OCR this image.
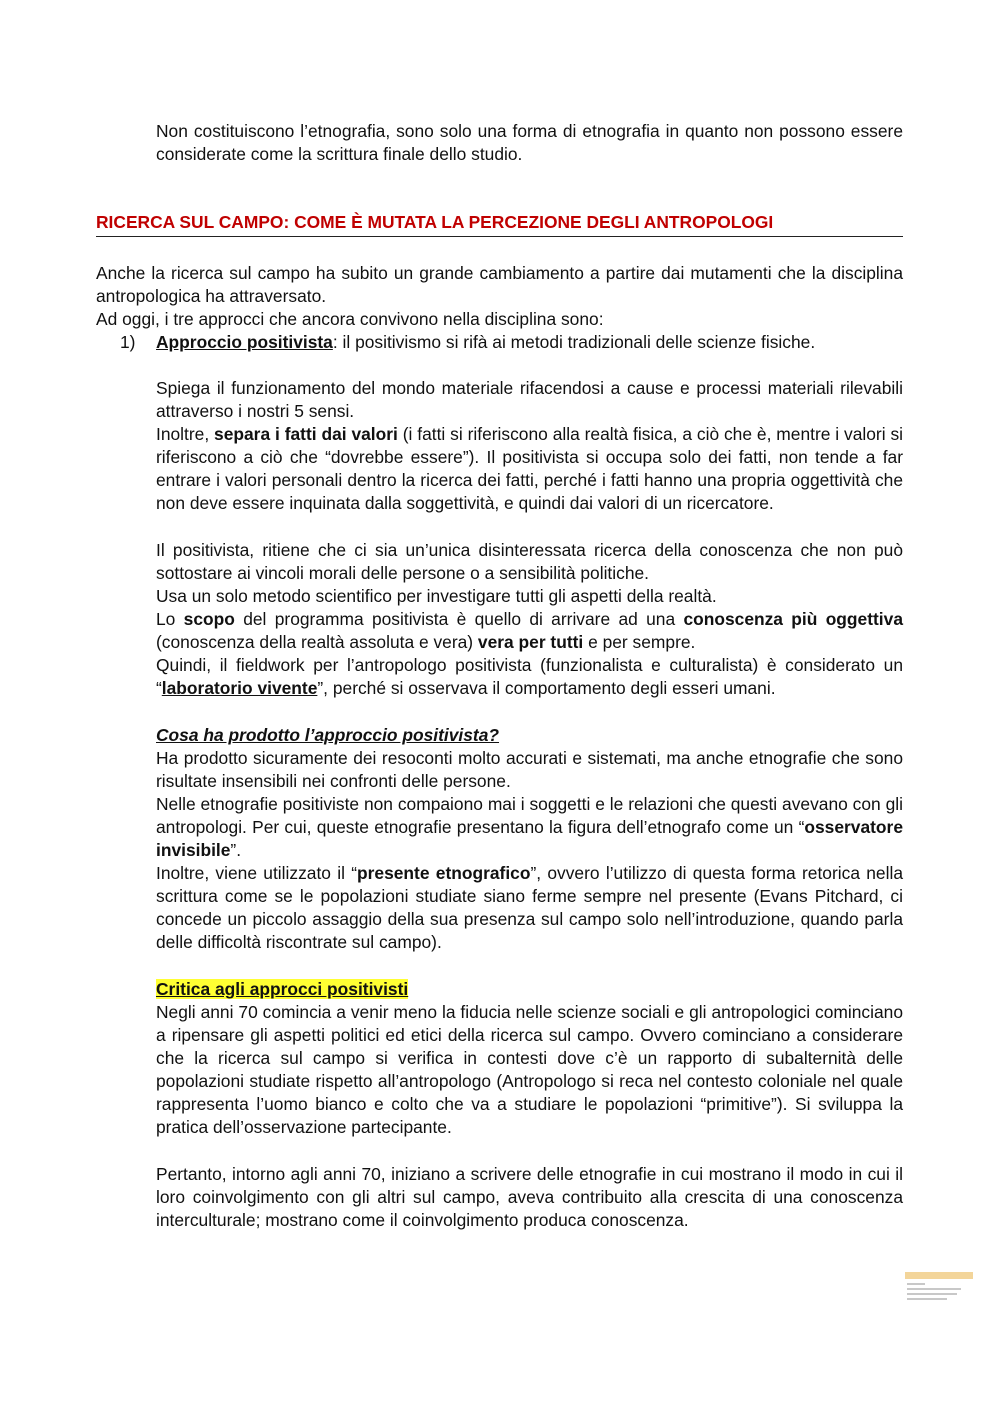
Non costituiscono l’etnografia, sono solo una forma di etnografia in quanto non possono essere considerate come la scrittura finale dello studio.

RICERCA SUL CAMPO: COME È MUTATA LA PERCEZIONE DEGLI ANTROPOLOGI

Anche la ricerca sul campo ha subito un grande cambiamento a partire dai mutamenti che la disciplina antropologica ha attraversato.

Ad oggi, i tre approcci che ancora convivono nella disciplina sono:

1) Approccio positivista: il positivismo si rifà ai metodi tradizionali delle scienze fisiche.

Spiega il funzionamento del mondo materiale rifacendosi a cause e processi materiali rilevabili attraverso i nostri 5 sensi.

Inoltre, separa i fatti dai valori (i fatti si riferiscono alla realtà fisica, a ciò che è, mentre i valori si riferiscono a ciò che “dovrebbe essere”). Il positivista si occupa solo dei fatti, non tende a far entrare i valori personali dentro la ricerca dei fatti, perché i fatti hanno una propria oggettività che non deve essere inquinata dalla soggettività, e quindi dai valori di un ricercatore.

Il positivista, ritiene che ci sia un’unica disinteressata ricerca della conoscenza che non può sottostare ai vincoli morali delle persone o a sensibilità politiche.

Usa un solo metodo scientifico per investigare tutti gli aspetti della realtà.

Lo scopo del programma positivista è quello di arrivare ad una conoscenza più oggettiva (conoscenza della realtà assoluta e vera) vera per tutti e per sempre.

Quindi, il fieldwork per l’antropologo positivista (funzionalista e culturalista) è considerato un “laboratorio vivente”, perché si osservava il comportamento degli esseri umani.

Cosa ha prodotto l’approccio positivista?

Ha prodotto sicuramente dei resoconti molto accurati e sistemati, ma anche etnografie che sono risultate insensibili nei confronti delle persone.

Nelle etnografie positiviste non compaiono mai i soggetti e le relazioni che questi avevano con gli antropologi. Per cui, queste etnografie presentano la figura dell’etnografo come un “osservatore invisibile”.

Inoltre, viene utilizzato il “presente etnografico”, ovvero l’utilizzo di questa forma retorica nella scrittura come se le popolazioni studiate siano ferme sempre nel presente (Evans Pitchard, ci concede un piccolo assaggio della sua presenza sul campo solo nell’introduzione, quando parla delle difficoltà riscontrate sul campo).

Critica agli approcci positivisti

Negli anni 70 comincia a venir meno la fiducia nelle scienze sociali e gli antropologici cominciano a ripensare gli aspetti politici ed etici della ricerca sul campo. Ovvero cominciano a considerare che la ricerca sul campo si verifica in contesti dove c’è un rapporto di subalternità delle popolazioni studiate rispetto all’antropologo (Antropologo si reca nel contesto coloniale nel quale rappresenta l’uomo bianco e colto che va a studiare le popolazioni “primitive”). Si sviluppa la pratica dell’osservazione partecipante.

Pertanto, intorno agli anni 70, iniziano a scrivere delle etnografie in cui mostrano il modo in cui il loro coinvolgimento con gli altri sul campo, aveva contribuito alla crescita di una conoscenza interculturale; mostrano come il coinvolgimento produca conoscenza.
